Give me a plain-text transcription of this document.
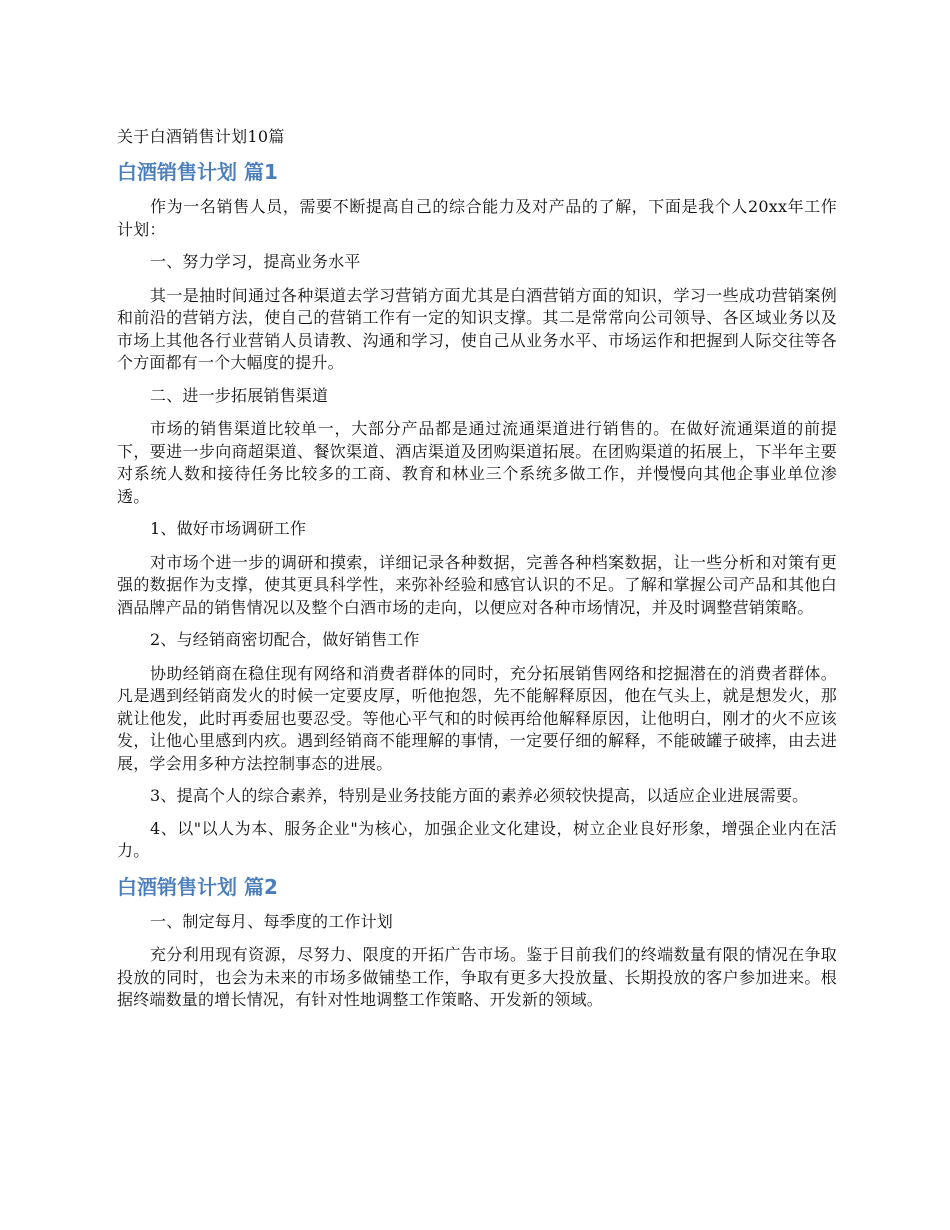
关于白酒销售计划10篇
白酒销售计划 篇1

作为一名销售人员，需要不断提高自己的综合能力及对产品的了解，下面是我个人20xx年工作计划：

一、努力学习，提高业务水平

其一是抽时间通过各种渠道去学习营销方面尤其是白酒营销方面的知识，学习一些成功营销案例和前沿的营销方法，使自己的营销工作有一定的知识支撑。其二是常常向公司领导、各区域业务以及市场上其他各行业营销人员请教、沟通和学习，使自己从业务水平、市场运作和把握到人际交往等各个方面都有一个大幅度的提升。

二、进一步拓展销售渠道

市场的销售渠道比较单一，大部分产品都是通过流通渠道进行销售的。在做好流通渠道的前提下，要进一步向商超渠道、餐饮渠道、酒店渠道及团购渠道拓展。在团购渠道的拓展上，下半年主要对系统人数和接待任务比较多的工商、教育和林业三个系统多做工作，并慢慢向其他企事业单位渗透。

1、做好市场调研工作

对市场个进一步的调研和摸索，详细记录各种数据，完善各种档案数据，让一些分析和对策有更强的数据作为支撑，使其更具科学性，来弥补经验和感官认识的不足。了解和掌握公司产品和其他白酒品牌产品的销售情况以及整个白酒市场的走向，以便应对各种市场情况，并及时调整营销策略。

2、与经销商密切配合，做好销售工作

协助经销商在稳住现有网络和消费者群体的同时，充分拓展销售网络和挖掘潜在的消费者群体。凡是遇到经销商发火的时候一定要皮厚，听他抱怨，先不能解释原因，他在气头上，就是想发火，那就让他发，此时再委屈也要忍受。等他心平气和的时候再给他解释原因，让他明白，刚才的火不应该发，让他心里感到内疚。遇到经销商不能理解的事情，一定要仔细的解释，不能破罐子破摔，由去进展，学会用多种方法控制事态的进展。

3、提高个人的综合素养，特别是业务技能方面的素养必须较快提高，以适应企业进展需要。

4、以"以人为本、服务企业"为核心，加强企业文化建设，树立企业良好形象，增强企业内在活力。

白酒销售计划 篇2

一、制定每月、每季度的工作计划

充分利用现有资源，尽努力、限度的开拓广告市场。鉴于目前我们的终端数量有限的情况在争取投放的同时，也会为未来的市场多做铺垫工作，争取有更多大投放量、长期投放的客户参加进来。根据终端数量的增长情况，有针对性地调整工作策略、开发新的领域。
